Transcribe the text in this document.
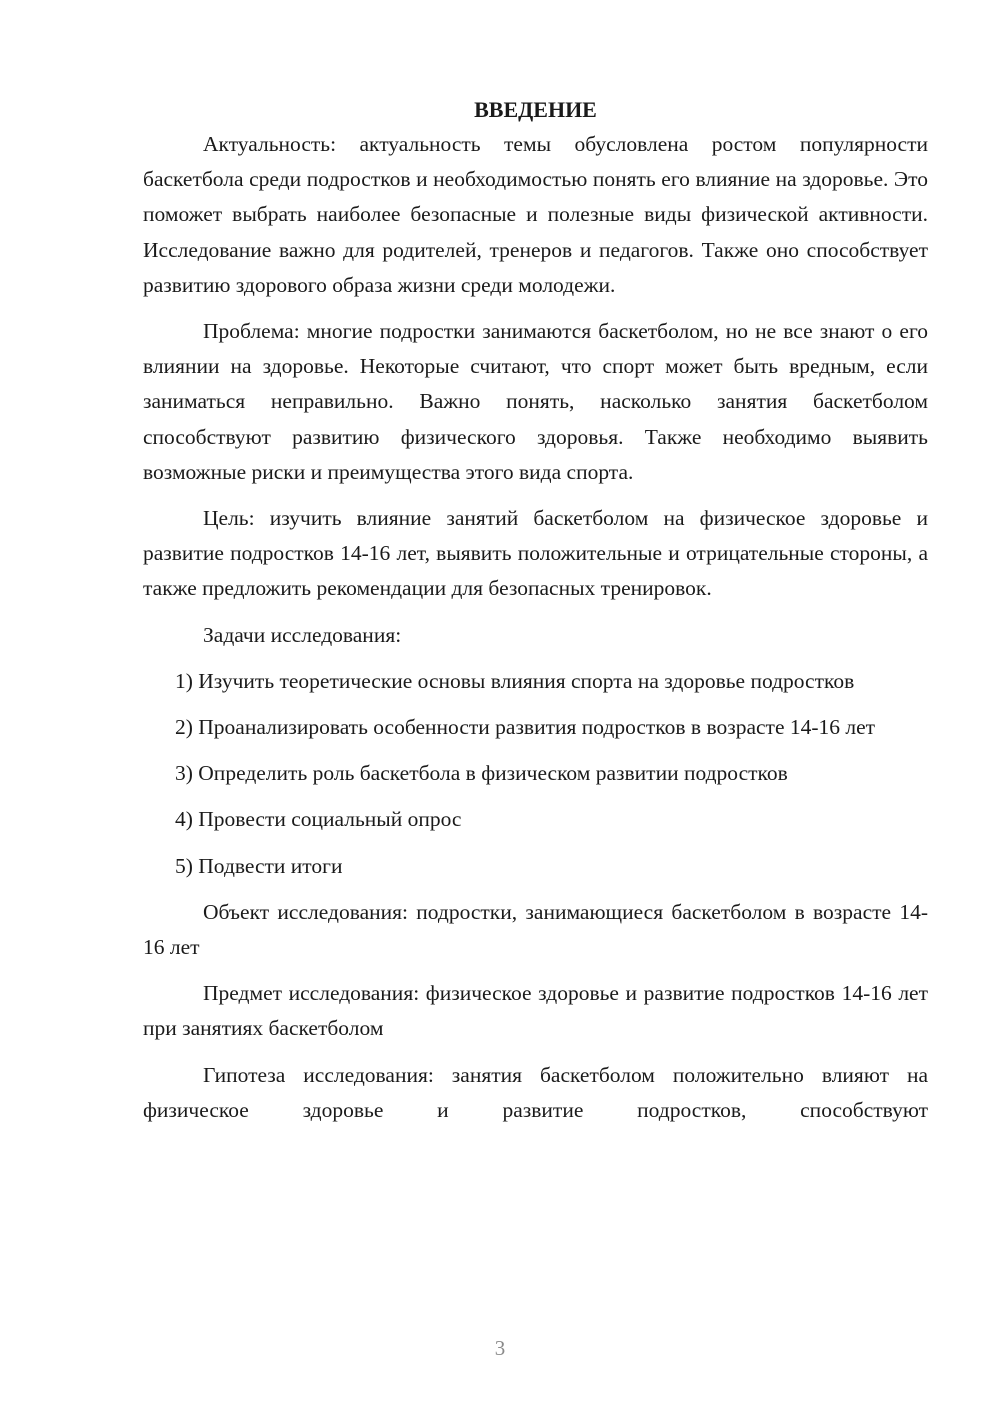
ВВЕДЕНИЕ

Актуальность: актуальность темы обусловлена ростом популярности баскетбола среди подростков и необходимостью понять его влияние на здоровье. Это поможет выбрать наиболее безопасные и полезные виды физической активности. Исследование важно для родителей, тренеров и педагогов. Также оно способствует развитию здорового образа жизни среди молодежи.

Проблема: многие подростки занимаются баскетболом, но не все знают о его влиянии на здоровье. Некоторые считают, что спорт может быть вредным, если заниматься неправильно. Важно понять, насколько занятия баскетболом способствуют развитию физического здоровья. Также необходимо выявить возможные риски и преимущества этого вида спорта.

Цель: изучить влияние занятий баскетболом на физическое здоровье и развитие подростков 14-16 лет, выявить положительные и отрицательные стороны, а также предложить рекомендации для безопасных тренировок.

Задачи исследования:

1) Изучить теоретические основы влияния спорта на здоровье подростков

2) Проанализировать особенности развития подростков в возрасте 14-16 лет

3) Определить роль баскетбола в физическом развитии подростков

4) Провести социальный опрос

5) Подвести итоги

Объект исследования: подростки, занимающиеся баскетболом в возрасте 14-16 лет

Предмет исследования: физическое здоровье и развитие подростков 14-16 лет при занятиях баскетболом

Гипотеза исследования: занятия баскетболом положительно влияют на физическое здоровье и развитие подростков, способствуют

3
